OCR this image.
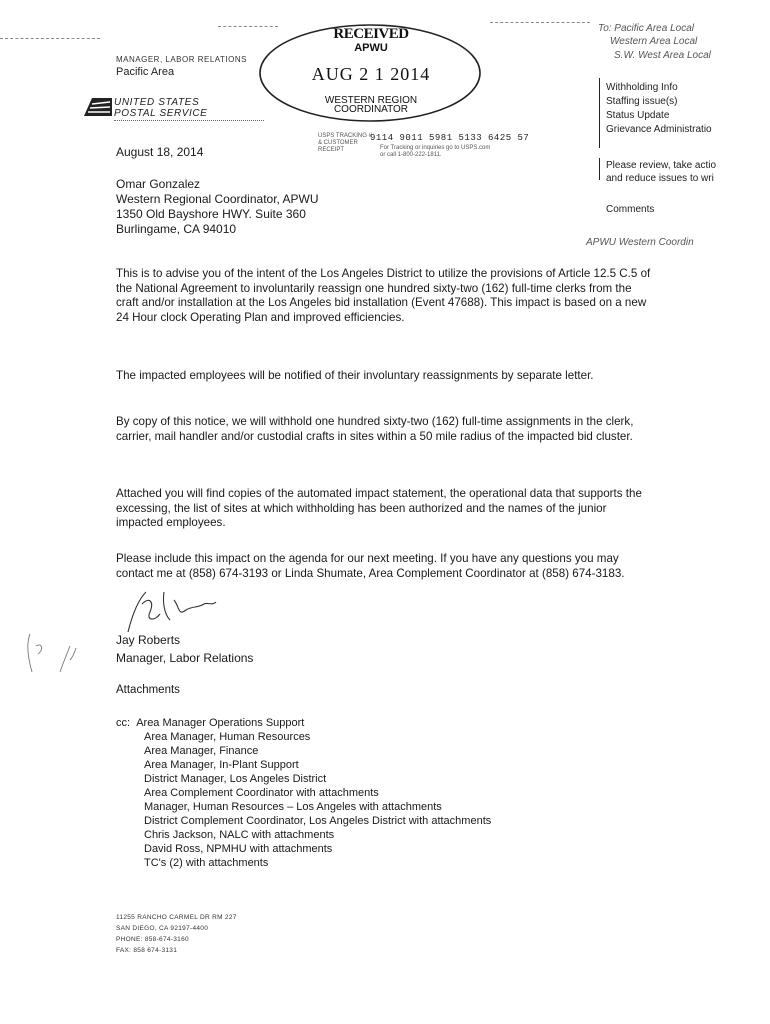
MANAGER, LABOR RELATIONS
Pacific Area
UNITED STATES
POSTAL SERVICE
RECEIVED
APWU
AUG 2 1 2014
WESTERN REGION
COORDINATOR
USPS TRACKING #
& CUSTOMER
RECEIPT
9114 9011 5981 5133 6425 57
For Tracking or inquiries go to USPS.com
or call 1-800-222-1811.
To: Pacific Area Local
Western Area Local
S.W. West Area Local
Withholding Info
Staffing issue(s)
Status Update
Grievance Administratio
Please review, take actio
and reduce issues to wri
Comments
APWU Western Coordin
August 18, 2014
Omar Gonzalez
Western Regional Coordinator, APWU
1350 Old Bayshore HWY. Suite 360
Burlingame, CA 94010
This is to advise you of the intent of the Los Angeles District to utilize the provisions of Article 12.5 C.5 of the National Agreement to involuntarily reassign one hundred sixty-two (162) full-time clerks from the craft and/or installation at the Los Angeles bid installation (Event 47688). This impact is based on a new 24 Hour clock Operating Plan and improved efficiencies.
The impacted employees will be notified of their involuntary reassignments by separate letter.
By copy of this notice, we will withhold one hundred sixty-two (162) full-time assignments in the clerk, carrier, mail handler and/or custodial crafts in sites within a 50 mile radius of the impacted bid cluster.
Attached you will find copies of the automated impact statement, the operational data that supports the excessing, the list of sites at which withholding has been authorized and the names of the junior impacted employees.
Please include this impact on the agenda for our next meeting. If you have any questions you may contact me at (858) 674-3193 or Linda Shumate, Area Complement Coordinator at (858) 674-3183.
Jay Roberts
Manager, Labor Relations
Attachments
cc: Area Manager Operations Support
Area Manager, Human Resources
Area Manager, Finance
Area Manager, In-Plant Support
District Manager, Los Angeles District
Area Complement Coordinator with attachments
Manager, Human Resources – Los Angeles with attachments
District Complement Coordinator, Los Angeles District with attachments
Chris Jackson, NALC with attachments
David Ross, NPMHU with attachments
TC's (2) with attachments
11255 RANCHO CARMEL DR RM 227
SAN DIEGO, CA 92197-4400
PHONE: 858-674-3160
FAX: 858 674-3131
